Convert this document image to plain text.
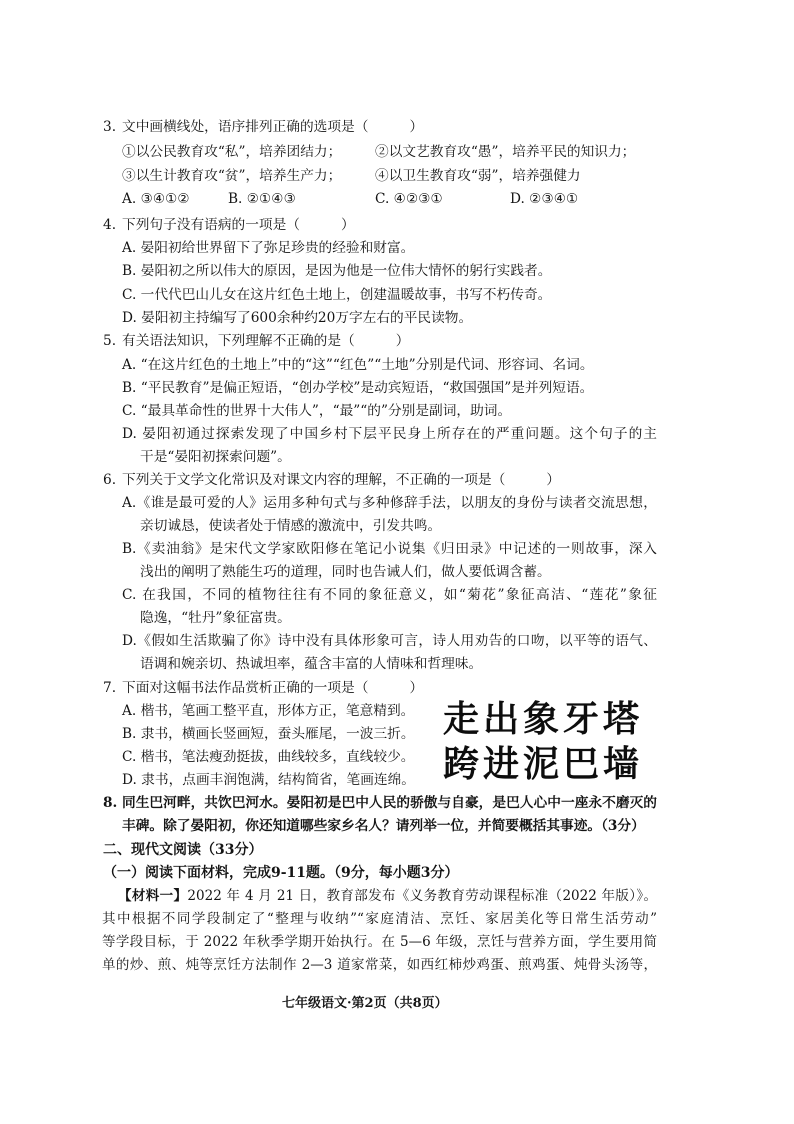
3. 文中画横线处，语序排列正确的选项是（　　　）
①以公民教育攻“私”，培养团结力； ②以文艺教育攻“愚”，培养平民的知识力；
③以生计教育攻“贫”，培养生产力； ④以卫生教育攻“弱”，培养强健力
A. ③④①②	B. ②①④③	C. ④②③①	D. ②③④①
4. 下列句子没有语病的一项是（　　　）
A. 晏阳初给世界留下了弥足珍贵的经验和财富。
B. 晏阳初之所以伟大的原因，是因为他是一位伟大情怀的躬行实践者。
C. 一代代巴山儿女在这片红色土地上，创建温暖故事，书写不朽传奇。
D. 晏阳初主持编写了600余种约20万字左右的平民读物。
5. 有关语法知识，下列理解不正确的是（　　　）
A. “在这片红色的土地上”中的“这”“红色”“土地”分别是代词、形容词、名词。
B. “平民教育”是偏正短语，“创办学校”是动宾短语，“救国强国”是并列短语。
C. “最具革命性的世界十大伟人”，“最”“的”分别是副词，助词。
D. 晏阳初通过探索发现了中国乡村下层平民身上所存在的严重问题。这个句子的主
干是“晏阳初探索问题”。
6. 下列关于文学文化常识及对课文内容的理解，不正确的一项是（　　　）
A.《谁是最可爱的人》运用多种句式与多种修辞手法，以朋友的身份与读者交流思想，
亲切诚恳，使读者处于情感的激流中，引发共鸣。
B.《卖油翁》是宋代文学家欧阳修在笔记小说集《归田录》中记述的一则故事，深入
浅出的阐明了熟能生巧的道理，同时也告诫人们，做人要低调含蓄。
C. 在我国，不同的植物往往有不同的象征意义，如“菊花”象征高洁、“莲花”象征
隐逸，“牡丹”象征富贵。
D.《假如生活欺骗了你》诗中没有具体形象可言，诗人用劝告的口吻，以平等的语气、
语调和婉亲切、热诚坦率，蕴含丰富的人情味和哲理味。
7. 下面对这幅书法作品赏析正确的一项是（　　　）
A. 楷书，笔画工整平直，形体方正，笔意精到。
B. 隶书，横画长竖画短，蚕头雁尾，一波三折。
C. 楷书，笔法瘦劲挺拔，曲线较多，直线较少。
D. 隶书，点画丰润饱满，结构简省，笔画连绵。
走出象牙塔
跨进泥巴墙
8. 同生巴河畔，共饮巴河水。晏阳初是巴中人民的骄傲与自豪，是巴人心中一座永不磨灭的
丰碑。除了晏阳初，你还知道哪些家乡名人？请列举一位，并简要概括其事迹。（3分）
二、现代文阅读（33分）
（一）阅读下面材料，完成9-11题。（9分，每小题3分）
【材料一】2022 年 4 月 21 日，教育部发布《义务教育劳动课程标准（2022 年版）》。
其中根据不同学段制定了“整理与收纳”“家庭清洁、烹饪、家居美化等日常生活劳动”
等学段目标，于 2022 年秋季学期开始执行。在 5—6 年级，烹饪与营养方面，学生要用简
单的炒、煎、炖等烹饪方法制作 2—3 道家常菜，如西红柿炒鸡蛋、煎鸡蛋、炖骨头汤等，
七年级语文·第2页（共8页）
